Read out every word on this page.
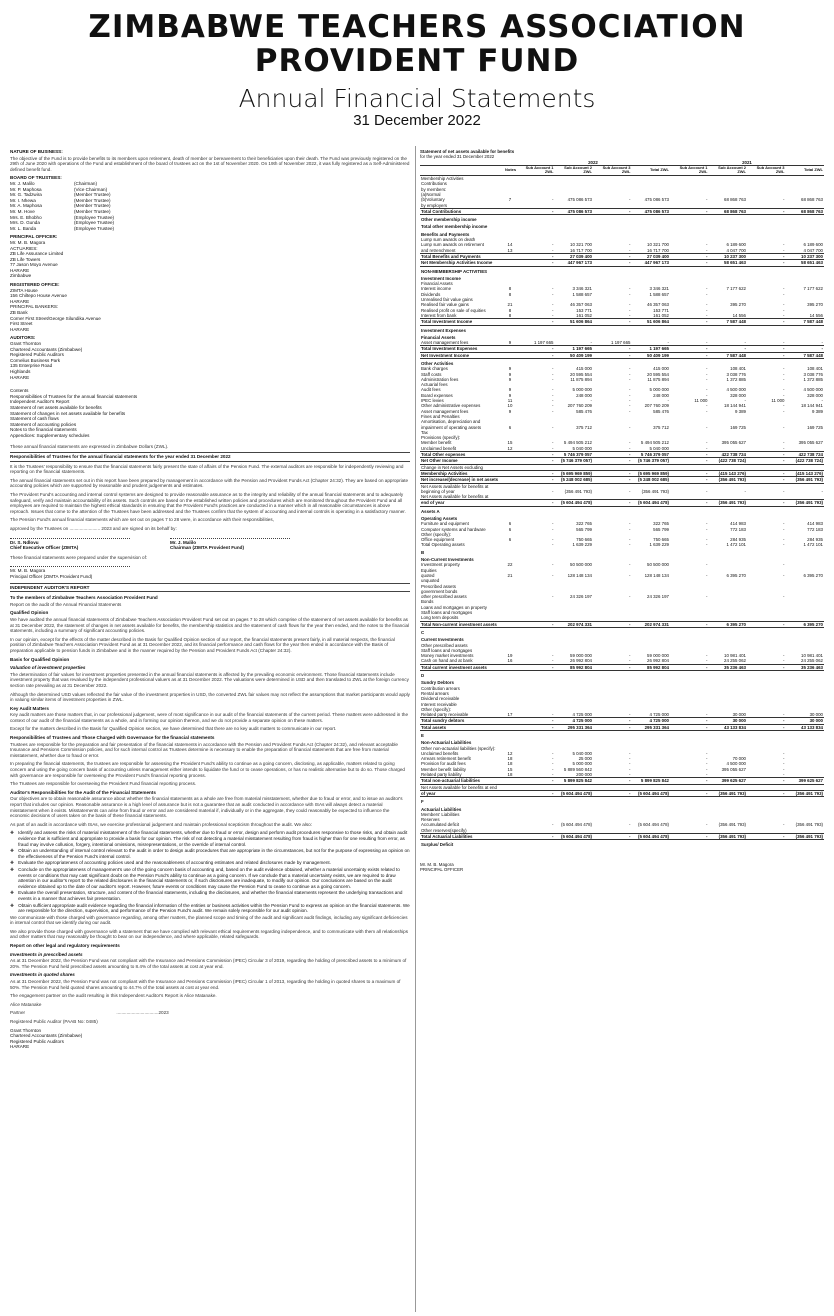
ZIMBABWE TEACHERS ASSOCIATION
PROVIDENT FUND
Annual Financial Statements
31 December 2022
NATURE OF BUSINESS:
The objective of the Fund is to provide benefits to its members upon retirement, death of member or bereavement to their beneficiaries upon their death. The Fund was previously registered on the 29th of June 2020 with operations of the Fund and establishment of the board of trustees act on the 1st of November 2020. On 19th of November 2022, it was fully registered as a Self-Administered defined benefit fund.
BOARD OF TRUSTEES:
Mr. J. Malilo	(Chairman)
Mr. P. Maphosa	(Vice Chairman)
Mr. G. Tadzwira	(Member Trustee)
Mr. I. Nhewa	(Member Trustee)
Mr. A. Maphosa	(Member Trustee)
Mr. M. Hove	(Member Trustee)
Mrs. E. Bhobho	(Employee Trustee)
Mrs. D. Gunda	(Employee Trustee)
Mr. L. Banda	(Employee Trustee)
PRINCIPAL OFFICER:
Mr. M. B. Magora
ACTUARIES:
ZB Life Assurance Limited
ZB Life Towers
77 Jason Moyo Avenue
HARARE
Zimbabwe
REGISTERED OFFICE:
ZIMTA House
156 Chiltepo House Avenue
HARARE
PRINCIPAL BANKERS:
ZB Bank
Corner First Street/George Silundika Avenue
First Street
HARARE
AUDITORS:
Grant Thornton
Chartered Accountants (Zimbabwe)
Registered Public Auditors
Cornelius Business Park
135 Enterprise Road
Highlands
HARARE
Contents
Responsibilities of Trustees for the annual financial statements
Independent Auditor's Report
Statement of net assets available for benefits
Statement of changes in net assets available for benefits
Statement of cash flows
Statement of accounting policies
Notes to the financial statements
Appendices: Supplementary schedules
These annual financial statements are expressed in Zimbabwe Dollars (ZWL).
Responsibilities of Trustees for the annual financial statements for the year ended 31 December 2022
It is the Trustees' responsibility to ensure that the financial statements fairly present the state of affairs of the Pension Fund. The external auditors are responsible for independently reviewing and reporting on the financial statements.
The annual financial statements set out in this report have been prepared by management in accordance with the Pension and Provident Funds Act (Chapter 24:32). They are based on appropriate accounting policies which are supported by reasonable and prudent judgements and estimates.
The Provident Fund's accounting and internal control systems are designed to provide reasonable assurance as to the integrity and reliability of the annual financial statements and to adequately safeguard, verify and maintain accountability of its assets. Such controls are based on the established written policies and procedures which are monitored throughout the Provident Fund and all employees are required to maintain the highest ethical standards in ensuring that the Provident Fund's practices are conducted in a manner which in all reasonable circumstances is above reproach. Issues that come to the attention of the Trustees have been addressed and the Trustees confirm that the system of accounting and internal controls is operating in a satisfactory manner.
The Pension Fund's annual financial statements which are set out on pages 7 to 28 were, in accordance with their responsibilities,
approved by the Trustees on ........................ 2023 and are signed on its behalf by:
Dr. S. Ndlovu
Chief Executive Officer (ZIMTA)
Mr. J. Malilo
Chairman (ZIMTA Provident Fund)
These financial statements were prepared under the supervision of:
Mr. M. B. Magora
Principal Officer (ZIMTA Provident Fund)
INDEPENDENT AUDITOR'S REPORT
To the members of Zimbabwe Teachers Association Provident Fund
Report on the audit of the Annual Financial Statements
Qualified Opinion
We have audited the annual financial statements of Zimbabwe Teachers Association Provident Fund set out on pages 7 to 28 which comprise of the statement of net assets available for benefits as at 31 December 2022, the statement of changes in net assets available for benefits, the membership statistics and the statement of cash flows for the year then ended, and the notes to the financial statements, including a summary of significant accounting policies.
In our opinion, except for the effects of the matter described in the Basis for Qualified Opinion section of our report, the financial statements present fairly, in all material respects, the financial position of Zimbabwe Teachers Association Provident Fund as at 31 December 2022, and its financial performance and cash flows for the year then ended in accordance with the Basis of preparation applicable to pension funds in Zimbabwe and in the manner required by the Pension and Provident Funds Act (Chapter 24:32).
Basis for Qualified Opinion
Valuation of investment properties
The determination of fair values for investment properties presented in the annual financial statements is affected by the prevailing economic environment. Those financial statements include investment property that was revalued by the independent professional valuers as at 31 December 2022. The valuations were determined in USD and then translated to ZWL at the foreign currency section rate prevailing as at 31 December 2022.
Although the determined USD values reflected the fair value of the investment properties in USD, the converted ZWL fair values may not reflect the assumptions that market participants would apply in valuing similar items of investment properties in ZWL.
Key Audit Matters
Key audit matters are those matters that, in our professional judgement, were of most significance in our audit of the financial statements of the current period. These matters were addressed in the context of our audit of the financial statements as a whole, and in forming our opinion thereon, and we do not provide a separate opinion on these matters.
Except for the matters described in the Basis for Qualified Opinion section, we have determined that there are no key audit matters to communicate in our report.
Responsibilities of Trustees and Those Charged with Governance for the financial statements
Trustees are responsible for the preparation and fair presentation of the financial statements in accordance with the Pension and Provident Funds Act (Chapter 24:32), and relevant acceptable Insurance and Pensions Commission policies, and for such internal control as Trustees determine is necessary to enable the preparation of financial statements that are free from material misstatement, whether due to fraud or error.
In preparing the financial statements, the trustees are responsible for assessing the Provident Fund's ability to continue as a going concern, disclosing, as applicable, matters related to going concern and using the going concern basis of accounting unless management either intends to liquidate the fund or to cease operations, or has no realistic alternative but to do so. Those charged with governance are responsible for overseeing the Provident Fund's financial reporting process.
The Trustees are responsible for overseeing the Provident Fund financial reporting process.
Auditor's Responsibilities for the Audit of the Financial Statements
Our objectives are to obtain reasonable assurance about whether the financial statements as a whole are free from material misstatement, whether due to fraud or error, and to issue an auditor's report that includes our opinion. Reasonable assurance is a high level of assurance but is not a guarantee that an audit conducted in accordance with ISAs will always detect a material misstatement when it exists. Misstatements can arise from fraud or error and are considered material if, individually or in the aggregate, they could reasonably be expected to influence the economic decisions of users taken on the basis of these financial statements.
As part of an audit in accordance with ISAs, we exercise professional judgement and maintain professional scepticism throughout the audit. We also:
❖ Identify and assess the risks of material misstatement of the financial statements, whether due to fraud or error, design and perform audit procedures responsive to those risks, and obtain audit evidence that is sufficient and appropriate to provide a basis for our opinion. The risk of not detecting a material misstatement resulting from fraud is higher than for one resulting from error, as fraud may involve collusion, forgery, intentional omissions, misrepresentations, or the override of internal control.
❖ Obtain an understanding of internal control relevant to the audit in order to design audit procedures that are appropriate in the circumstances, but not for the purpose of expressing an opinion on the effectiveness of the Pension Fund's internal control.
❖ Evaluate the appropriateness of accounting policies used and the reasonableness of accounting estimates and related disclosures made by management.
❖ Conclude on the appropriateness of management's use of the going concern basis of accounting and, based on the audit evidence obtained, whether a material uncertainty exists related to events or conditions that may cast significant doubt on the Pension Fund's ability to continue as a going concern. If we conclude that a material uncertainty exists, we are required to draw attention in our auditor's report to the related disclosures in the financial statements or, if such disclosures are inadequate, to modify our opinion. Our conclusions are based on the audit evidence obtained up to the date of our auditor's report. However, future events or conditions may cause the Pension Fund to cease to continue as a going concern.
❖ Evaluate the overall presentation, structure, and content of the financial statements, including the disclosures, and whether the financial statements represent the underlying transactions and events in a manner that achieves fair presentation.
❖ Obtain sufficient appropriate audit evidence regarding the financial information of the entities or business activities within the Pension Fund to express an opinion on the financial statements. We are responsible for the direction, supervision, and performance of the Pension Fund's audit. We remain solely responsible for our audit opinion.
We communicate with those charged with governance regarding, among other matters, the planned scope and timing of the audit and significant audit findings, including any significant deficiencies in internal control that we identify during our audit.
We also provide those charged with governance with a statement that we have complied with relevant ethical requirements regarding independence, and to communicate with them all relationships and other matters that may reasonably be thought to bear on our independence, and where applicable, related safeguards.
Report on other legal and regulatory requirements
Investments in prescribed assets
As at 31 December 2022, the Pension Fund was not compliant with the Insurance and Pensions Commission (IPEC) Circular 3 of 2019, regarding the holding of prescribed assets to a minimum of 20%. The Pension Fund held prescribed assets amounting to 8.4% of the total assets at cost at year end.
Investments in quoted shares
As at 31 December 2022, the Pension Fund was not compliant with the Insurance and Pensions Commission (IPEC) Circular 1 of 2013, regarding the holding in quoted shares to a maximum of 50%. The Pension Fund held quoted shares amounting to 44.7% of the total assets at cost at year end.
The engagement partner on the audit resulting in this Independent Auditor's Report is Alice Matanake.
Alice Matanake
Partner	.................................2023
Registered Public Auditor (PAAB No: 0485)
Grant Thornton
Chartered Accountants (Zimbabwe)
Registered Public Auditors
HARARE
Statement of net assets available for benefits
for the year ended 31 December 2022
		2022				2021			
	Notes	Sub Account 1 ZWL	Sub Account 2 ZWL	Sub Account 3 ZWL	Total ZWL	Sub Account 1 ZWL	Sub Account 2 ZWL	Sub Account 3 ZWL	Total ZWL
Membership Activities									
Contributions									
by members:									
(a)Normal									
(b)Voluntary	7	-	475 086 573	-	475 086 573	-	68 868 763	-	68 868 763
by employers									
Total Contributions		-	475 086 573	-	475 086 573	-	68 868 763	-	68 868 763
Other membership income									
Total other membership income									
Benefits and Payments									
Lump sum awards on death									
Lump sum awards on retirement	14	-	10 321 700	-	10 321 700	-	6 189 600	-	6 189 600
and retrenchment	13	-	16 717 700	-	16 717 700	-	4 047 700	-	4 047 700
Total Benefits and Payments		-	27 039 400	-	27 039 400	-	10 237 300	-	10 237 300
Net Membership Activities Income		-	447 967 173	-	447 967 173	-	58 651 463	-	58 651 463
NON-MEMBERSHIP ACTIVITIES									
Investment Income									
Financial Assets									
Interest income	8	-	3 346 321	-	3 346 321	-	7 177 622	-	7 177 622
Dividends	8	-	1 588 657	-	1 588 657	-		-	
Unrealised fair value gains									
Realised fair value gains	21	-	46 357 063	-	46 357 063	-	395 270	-	395 270
Realised profit on sale of equities	8	-	153 771	-	153 771	-		-	
Interest from bank	8	-	161 052	-	161 052	-	14 556	-	14 556
Total Investment Income		-	51 606 864	-	51 606 864	-	7 587 448	-	7 587 448
Investment Expenses									
Financial Assets									
Asset management fees	9	1 197 665	-	1 197 665	-	-	-	-	-
Total Investment Expenses		-	1 197 665	-	1 197 665	-	-	-	-
Net Investment Income		-	50 409 199	-	50 409 199	-	7 587 448	-	7 587 448
Other Activities									
Bank charges	9	-	415 000	-	415 000	-	108 401	-	108 401
Staff costs	9	-	20 595 554	-	20 595 554	-	3 038 776	-	3 038 776
Administration fees	9	-	11 875 894	-	11 875 894	-	1 372 885	-	1 372 885
Actuarial fees									
Audit fees	9	-	5 000 000	-	5 000 000	-	4 500 000	-	4 500 000
Board expenses	9	-	248 000	-	248 000	-	328 000	-	328 000
IPEC levies	11	-	-	-	-	11 000	-	11 000	-
Other administrative expenses	10	-	207 760 209	-	207 760 209	-	18 144 941	-	18 144 941
Asset management fees	9	-	585 476	-	585 476	-	9 389	-	9 389
Fines and Penalties									
Amortisation, depreciation and									
impairment of operating assets	6	-	375 712	-	375 712	-	169 725	-	169 725
Tax									
Provisions (specify):									
Member benefit	15	-	5 494 505 212	-	5 494 505 212	-	395 055 627	-	395 055 627
Unclaimed benefit	12	-	5 040 000	-	5 040 000	-		-	
Total Other expenses		-	5 746 379 057	-	5 746 379 057	-	422 738 724	-	422 738 724
Net Other Income		-	(5 746 379 057)	-	(5 746 379 057)	-	(422 738 724)	-	(422 738 724)
Change in Net Assets excluding									
Membership Activities		-	(5 695 969 859)	-	(5 695 969 859)	-	(415 143 276)	-	(415 143 276)
Net increase/(decrease) in net assets		-	(5 248 002 685)	-	(5 248 002 685)	-	(356 491 793)	-	(356 491 793)
Net Assets available for benefits at									
beginning of year		-	(356 491 793)	-	(356 491 793)	-	-	-	-
Net Assets available for benefits at									
end of year		-	(5 604 494 478)	-	(5 604 494 478)	-	(356 491 793)	-	(356 491 793)
Assets A									
Operating Assets									
Furniture and equipment	6	-	322 765	-	322 765	-	414 983	-	414 983
Computer systems and hardware	6	-	565 799	-	565 799	-	772 183	-	772 183
Other (specify):									
Office equipment	6	-	750 665	-	750 665	-	284 935	-	284 935
Total Operating assets		-	1 639 229	-	1 639 229	-	1 472 101	-	1 472 101
B									
Non-Current Investments									
Investment property	22	-	50 500 000	-	50 500 000	-		-	
Equities									
quoted	21	-	128 148 134	-	128 148 134	-	6 395 270	-	6 395 270
unquoted									
Prescribed assets									
government bonds									
other prescribed assets		-	24 326 197	-	24 326 197	-		-	
Bonds									
Loans and mortgages on property									
Staff loans and mortgages									
Long term deposits									
Total Non-current investment assets		-	202 974 331	-	202 974 331	-	6 395 270	-	6 395 270
C									
Current Investments									
Other prescribed assets									
Staff loans and mortgages									
Money market investments	19	-	59 000 000	-	59 000 000	-	10 981 401	-	10 981 401
Cash on hand and at bank	16	-	26 992 804	-	26 992 804	-	24 255 062	-	24 255 062
Total current investment assets		-	85 992 804	-	85 992 804	-	35 236 463	-	35 236 463
D									
Sundry Debtors									
Contribution arrears									
Rental arrears									
Dividend receivable									
Interest receivable									
Other (specify):									
Related party receivable	17	-	4 725 000	-	4 725 000	-	30 000	-	30 000
Total sundry debtors		-	4 725 000	-	4 725 000	-	30 000	-	30 000
Total assets		-	295 331 364	-	295 331 364	-	43 133 834	-	43 133 834
E									
Non-Actuarial Liabilities									
Other non-actuarial liabilities (specify):									
Unclaimed benefits	12	-	5 040 000	-		-		-	
Arrears retirement benefit	18	-	25 000	-		-	70 000	-	
Provision for audit fees	18	-	5 000 000	-		-	4 500 000	-	
Member benefit liability	15	-	5 889 560 842	-		-	395 055 627	-	
Related party liability	18	-	200 000	-		-		-	
Total non-actuarial liabilities		-	5 899 825 842	-	5 899 825 842	-	399 625 627	-	399 625 627
Net Assets available for benefits at end									
of year		-	(5 604 494 478)	-	(5 604 494 478)	-	(356 491 793)	-	(356 491 793)
F									
Actuarial Liabilities									
Members' Liabilities									
Reserves									
Accumulated deficit		-	(5 604 494 478)	-	(5 604 494 478)	-	(356 491 793)	-	(356 491 793)
Other reserves(specify)									
Total Actuarial Liabilities		-	(5 604 494 478)	-	(5 604 494 478)	-	(356 491 793)	-	(356 491 793)
Surplus/ Deficit									
Mr. M. B. Magora
PRINCIPAL OFFICER
